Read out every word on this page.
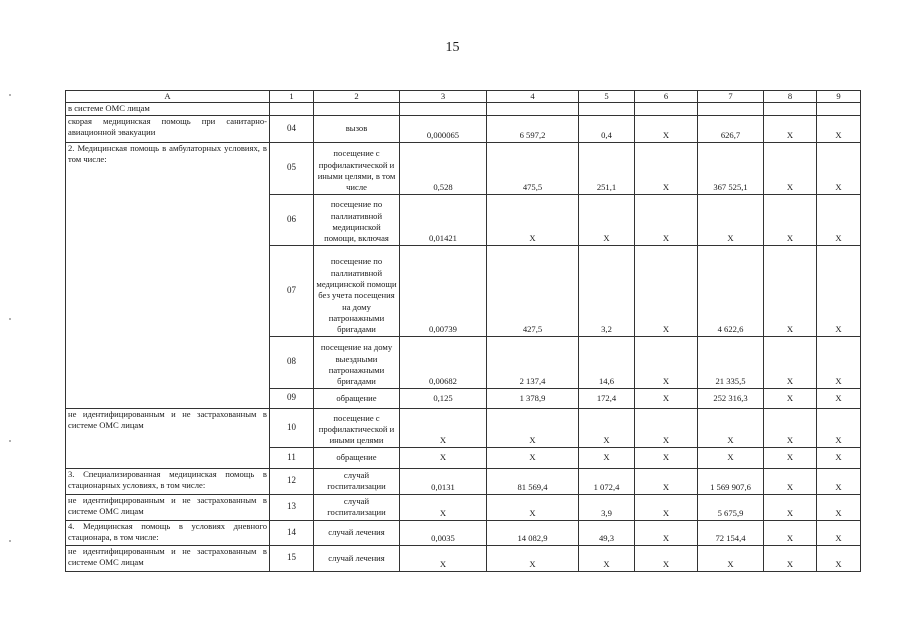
15
А	1	2	3	4	5	6	7	8	9
в системе ОМС лицам									
скорая медицинская помощь при санитарно-авиационной эвакуации	04	вызов	0,000065	6 597,2	0,4	Х	626,7	Х	Х
2. Медицинская помощь в амбулаторных условиях, в том числе:	05	посещение с профилактической и иными целями, в том числе	0,528	475,5	251,1	Х	367 525,1	Х	Х
	06	посещение по паллиативной медицинской помощи, включая	0,01421	Х	Х	Х	Х	Х	Х
	07	посещение по паллиативной медицинской помощи без учета посещения на дому патронажными бригадами	0,00739	427,5	3,2	Х	4 622,6	Х	Х
	08	посещение на дому выездными патронажными бригадами	0,00682	2 137,4	14,6	Х	21 335,5	Х	Х
	09	обращение	0,125	1 378,9	172,4	Х	252 316,3	Х	Х
не идентифицированным и не застрахованным в системе ОМС лицам	10	посещение с профилактической и иными целями	Х	Х	Х	Х	Х	Х	Х
	11	обращение	Х	Х	Х	Х	Х	Х	Х
3. Специализированная медицинская помощь в стационарных условиях, в том числе:	12	случай госпитализации	0,0131	81 569,4	1 072,4	Х	1 569 907,6	Х	Х
не идентифицированным и не застрахованным в системе ОМС лицам	13	случай госпитализации	Х	Х	3,9	Х	5 675,9	Х	Х
4. Медицинская помощь в условиях дневного стационара, в том числе:	14	случай лечения	0,0035	14 082,9	49,3	Х	72 154,4	Х	Х
не идентифицированным и не застрахованным в системе ОМС лицам	15	случай лечения	Х	Х	Х	Х	Х	Х	Х
